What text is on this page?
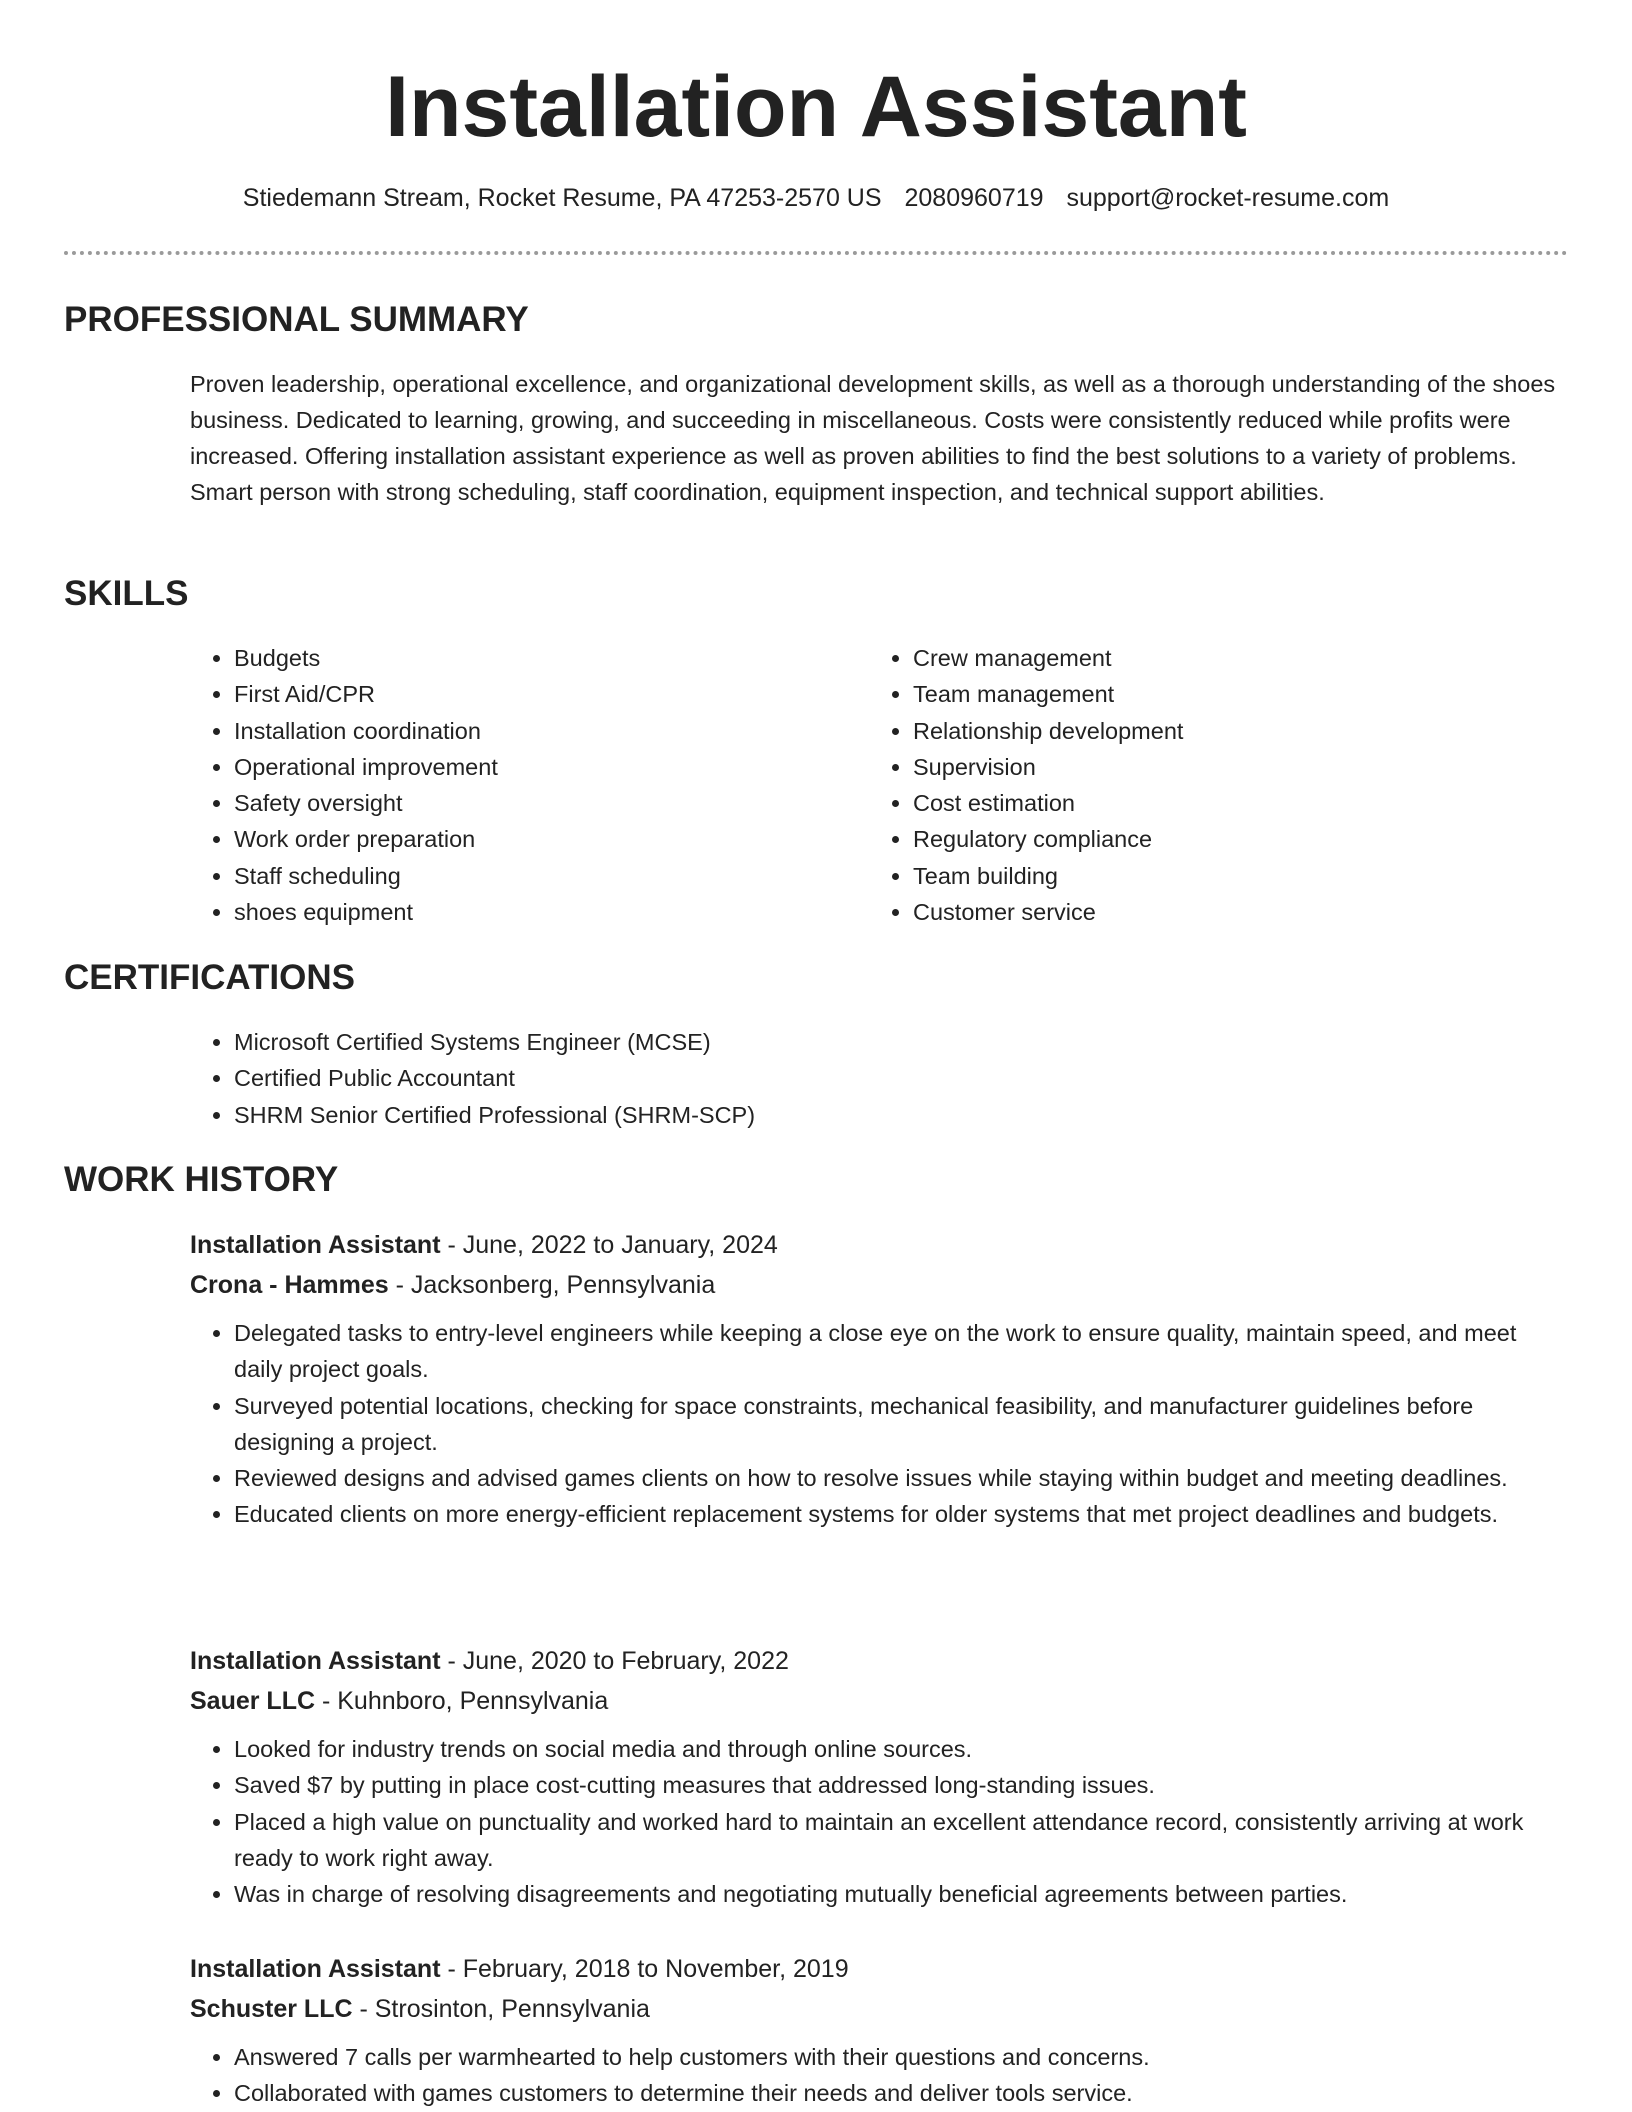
Installation Assistant
Stiedemann Stream, Rocket Resume, PA 47253-2570 US 2080960719 support@rocket-resume.com
PROFESSIONAL SUMMARY

Proven leadership, operational excellence, and organizational development skills, as well as a thorough understanding of the shoes business. Dedicated to learning, growing, and succeeding in miscellaneous. Costs were consistently reduced while profits were increased. Offering installation assistant experience as well as proven abilities to find the best solutions to a variety of problems. Smart person with strong scheduling, staff coordination, equipment inspection, and technical support abilities.

SKILLS
• Budgets
• First Aid/CPR
• Installation coordination
• Operational improvement
• Safety oversight
• Work order preparation
• Staff scheduling
• shoes equipment
• Crew management
• Team management
• Relationship development
• Supervision
• Cost estimation
• Regulatory compliance
• Team building
• Customer service
CERTIFICATIONS
• Microsoft Certified Systems Engineer (MCSE)
• Certified Public Accountant
• SHRM Senior Certified Professional (SHRM-SCP)
WORK HISTORY

Installation Assistant - June, 2022 to January, 2024

Crona - Hammes - Jacksonberg, Pennsylvania

• Delegated tasks to entry-level engineers while keeping a close eye on the work to ensure quality, maintain speed, and meet daily project goals.
• Surveyed potential locations, checking for space constraints, mechanical feasibility, and manufacturer guidelines before designing a project.
• Reviewed designs and advised games clients on how to resolve issues while staying within budget and meeting deadlines.
• Educated clients on more energy-efficient replacement systems for older systems that met project deadlines and budgets.

Installation Assistant - June, 2020 to February, 2022

Sauer LLC - Kuhnboro, Pennsylvania

• Looked for industry trends on social media and through online sources.
• Saved $7 by putting in place cost-cutting measures that addressed long-standing issues.
• Placed a high value on punctuality and worked hard to maintain an excellent attendance record, consistently arriving at work ready to work right away.
• Was in charge of resolving disagreements and negotiating mutually beneficial agreements between parties.

Installation Assistant - February, 2018 to November, 2019

Schuster LLC - Strosinton, Pennsylvania

• Answered 7 calls per warmhearted to help customers with their questions and concerns.
• Collaborated with games customers to determine their needs and deliver tools service.
